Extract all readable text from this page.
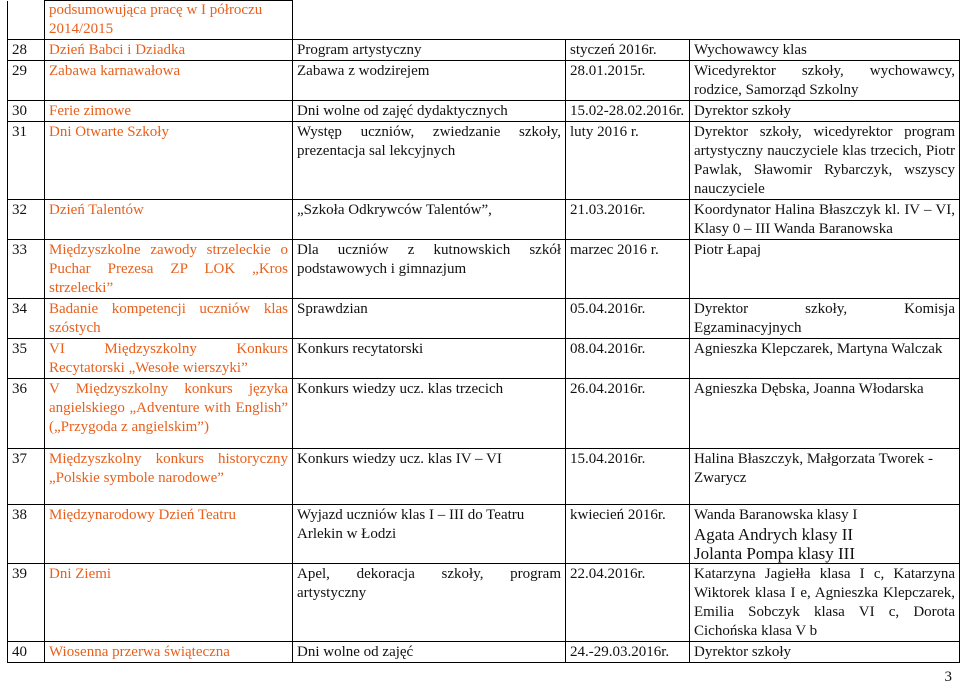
	podsumowująca pracę w I półroczu 2014/2015			
28	Dzień Babci i Dziadka	Program artystyczny	styczeń 2016r.	Wychowawcy klas
29	Zabawa karnawałowa	Zabawa z wodzirejem	28.01.2015r.	Wicedyrektor szkoły, wychowawcy, rodzice, Samorząd Szkolny
30	Ferie zimowe	Dni wolne od zajęć dydaktycznych	15.02-28.02.2016r.	Dyrektor szkoły
31	Dni Otwarte Szkoły	Występ uczniów, zwiedzanie szkoły, prezentacja sal lekcyjnych	luty 2016 r.	Dyrektor szkoły, wicedyrektor program artystyczny nauczyciele klas trzecich, Piotr Pawlak, Sławomir Rybarczyk, wszyscy nauczyciele
32	Dzień Talentów	„Szkoła Odkrywców Talentów”,	21.03.2016r.	Koordynator Halina Błaszczyk kl. IV – VI, Klasy 0 – III Wanda Baranowska
33	Międzyszkolne zawody strzeleckie o Puchar Prezesa ZP LOK „Kros strzelecki”	Dla uczniów z kutnowskich szkół podstawowych i gimnazjum	marzec 2016 r.	Piotr Łapaj
34	Badanie kompetencji uczniów klas szóstych	Sprawdzian	05.04.2016r.	Dyrektor szkoły, Komisja Egzaminacyjnych
35	VI Międzyszkolny Konkurs Recytatorski „Wesołe wierszyki”	Konkurs recytatorski	08.04.2016r.	Agnieszka Klepczarek, Martyna Walczak
36	V Międzyszkolny konkurs języka angielskiego „Adventure with English” („Przygoda z angielskim”)	Konkurs wiedzy ucz. klas trzecich	26.04.2016r.	Agnieszka Dębska, Joanna Włodarska
37	Międzyszkolny konkurs historyczny „Polskie symbole narodowe”	Konkurs wiedzy ucz. klas IV – VI	15.04.2016r.	Halina Błaszczyk, Małgorzata Tworek - Zwarycz
38	Międzynarodowy Dzień Teatru	Wyjazd uczniów klas I – III do Teatru Arlekin w Łodzi	kwiecień 2016r.	Wanda Baranowska klasy I
Agata Andrych klasy II
Jolanta Pompa klasy III

39	Dni Ziemi	Apel, dekoracja szkoły, program artystyczny	22.04.2016r.	Katarzyna Jagiełła klasa I c, Katarzyna Wiktorek klasa I e, Agnieszka Klepczarek, Emilia Sobczyk klasa VI c, Dorota Cichońska klasa V b
40	Wiosenna przerwa świąteczna	Dni wolne od zajęć	24.-29.03.2016r.	Dyrektor szkoły
3
